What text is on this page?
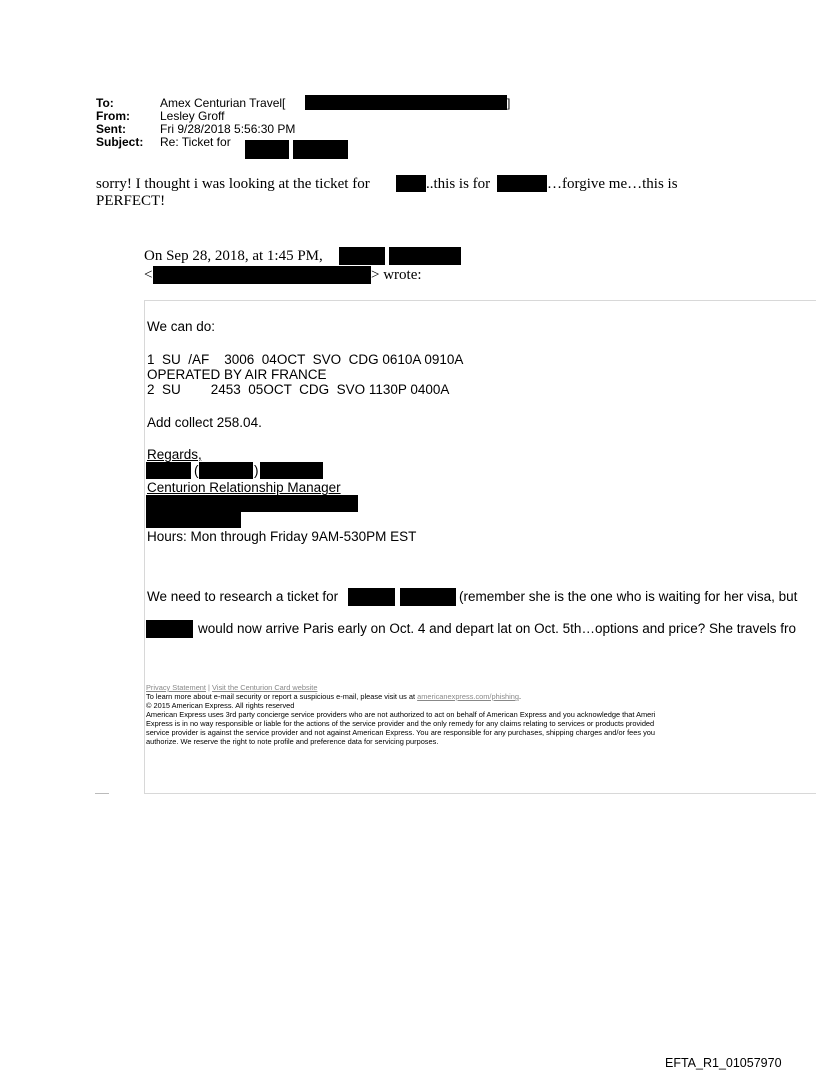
To:	Amex Centurian Travel[	]
From:	Lesley Groff
Sent:	Fri 9/28/2018 5:56:30 PM
Subject: Re: Ticket for
sorry! I thought i was looking at the ticket for	..this is for	…forgive me…this is
PERFECT!
On Sep 28, 2018, at 1:45 PM,
<	> wrote:
We can do:
1  SU  /AF    3006  04OCT  SVO  CDG 0610A 0910A
OPERATED BY AIR FRANCE
2  SU        2453  05OCT  CDG  SVO 1130P 0400A
Add collect 258.04.
Regards,
(	)
Centurion Relationship Manager
Hours: Mon through Friday 9AM-530PM EST
We need to research a ticket for	(remember she is the one who is waiting for her visa, but
would now arrive Paris early on Oct. 4 and depart lat on Oct. 5th…options and price? She travels fro
Privacy Statement | Visit the Centurion Card website
To learn more about e-mail security or report a suspicious e-mail, please visit us at americanexpress.com/phishing.
© 2015 American Express. All rights reserved
American Express uses 3rd party concierge service providers who are not authorized to act on behalf of American Express and you acknowledge that Ameri
Express is in no way responsible or liable for the actions of the service provider and the only remedy for any claims relating to services or products provided
service provider is against the service provider and not against American Express. You are responsible for any purchases, shipping charges and/or fees you
authorize. We reserve the right to note profile and preference data for servicing purposes.
EFTA_R1_01057970
